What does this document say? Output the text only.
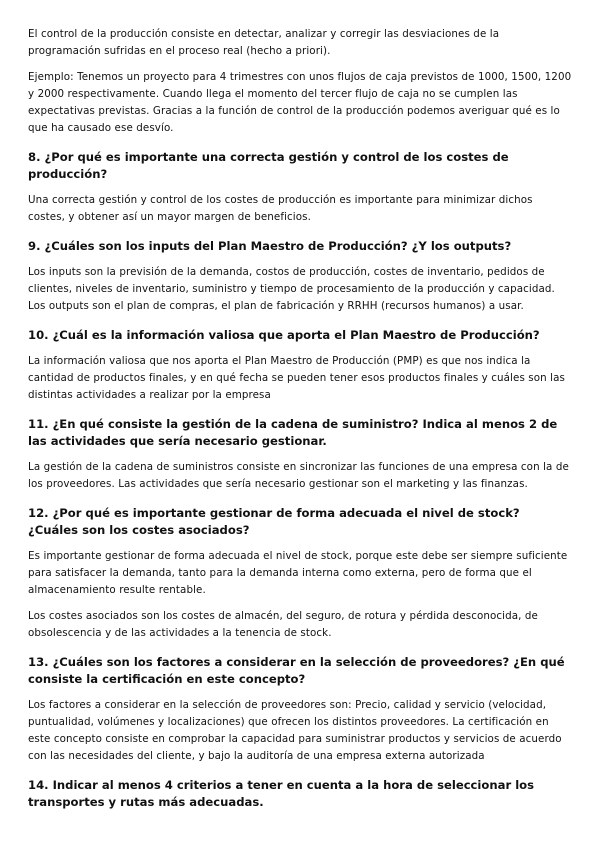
El control de la producción consiste en detectar, analizar y corregir las desviaciones de la programación sufridas en el proceso real (hecho a priori).

Ejemplo: Tenemos un proyecto para 4 trimestres con unos flujos de caja previstos de 1000, 1500, 1200 y 2000 respectivamente. Cuando llega el momento del tercer flujo de caja no se cumplen las expectativas previstas. Gracias a la función de control de la producción podemos averiguar qué es lo que ha causado ese desvío.

8. ¿Por qué es importante una correcta gestión y control de los costes de producción?

Una correcta gestión y control de los costes de producción es importante para minimizar dichos costes, y obtener así un mayor margen de beneficios.

9. ¿Cuáles son los inputs del Plan Maestro de Producción? ¿Y los outputs?

Los inputs son la previsión de la demanda, costos de producción, costes de inventario, pedidos de clientes, niveles de inventario, suministro y tiempo de procesamiento de la producción y capacidad. Los outputs son el plan de compras, el plan de fabricación y RRHH (recursos humanos) a usar.

10. ¿Cuál es la información valiosa que aporta el Plan Maestro de Producción?

La información valiosa que nos aporta el Plan Maestro de Producción (PMP) es que nos indica la cantidad de productos finales, y en qué fecha se pueden tener esos productos finales y cuáles son las distintas actividades a realizar por la empresa

11. ¿En qué consiste la gestión de la cadena de suministro? Indica al menos 2 de las actividades que sería necesario gestionar.

La gestión de la cadena de suministros consiste en sincronizar las funciones de una empresa con la de los proveedores. Las actividades que sería necesario gestionar son el marketing y las finanzas.

12. ¿Por qué es importante gestionar de forma adecuada el nivel de stock? ¿Cuáles son los costes asociados?

Es importante gestionar de forma adecuada el nivel de stock, porque este debe ser siempre suficiente para satisfacer la demanda, tanto para la demanda interna como externa, pero de forma que el almacenamiento resulte rentable.

Los costes asociados son los costes de almacén, del seguro, de rotura y pérdida desconocida, de obsolescencia y de las actividades a la tenencia de stock.

13. ¿Cuáles son los factores a considerar en la selección de proveedores? ¿En qué consiste la certificación en este concepto?

Los factores a considerar en la selección de proveedores son: Precio, calidad y servicio (velocidad, puntualidad, volúmenes y localizaciones) que ofrecen los distintos proveedores. La certificación en este concepto consiste en comprobar la capacidad para suministrar productos y servicios de acuerdo con las necesidades del cliente, y bajo la auditoría de una empresa externa autorizada

14. Indicar al menos 4 criterios a tener en cuenta a la hora de seleccionar los transportes y rutas más adecuadas.
